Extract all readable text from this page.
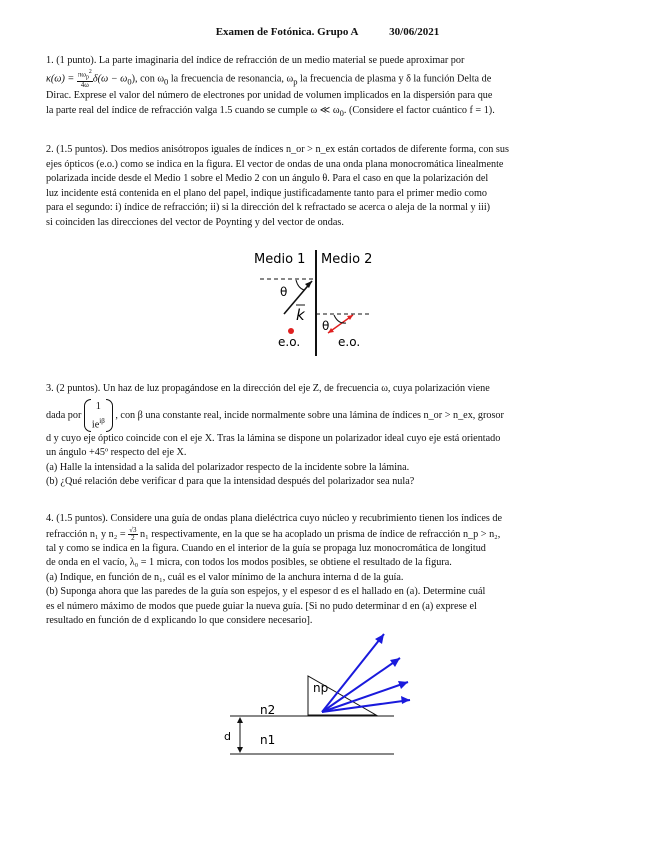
Examen de Fotónica. Grupo A	30/06/2021

1. (1 punto). La parte imaginaria del índice de refracción de un medio material se puede aproximar por

$\kappa(\omega) = \frac{\pi\omega_p^2}{4\omega} \delta(\omega - \omega_0)$, con $\omega_0$ la frecuencia de resonancia, $\omega_p$ la frecuencia de plasma y δ la función Delta de

Dirac. Exprese el valor del número de electrones por unidad de volumen implicados en la dispersión para que

la parte real del índice de refracción valga 1.5 cuando se cumple ω ≪ $\omega_0$. (Considere el factor cuántico f = 1).

2. (1.5 puntos). Dos medios anisótropos iguales de índices n_or > n_ex están cortados de diferente forma, con sus

ejes ópticos (e.o.) como se indica en la figura. El vector de ondas de una onda plana monocromática linealmente

polarizada incide desde el Medio 1 sobre el Medio 2 con un ángulo θ. Para el caso en que la polarización del

luz incidente está contenida en el plano del papel, indique justificadamente tanto para el primer medio como

para el segundo: i) índice de refracción; ii) si la dirección del k refractado se acerca o aleja de la normal y iii)

si coinciden las direcciones del vector de Poynting y del vector de ondas.

Medio 1 Medio 2
θ
k
e.o.
θ
e.o.

3. (2 puntos). Un haz de luz propagándose en la dirección del eje Z, de frecuencia ω, cuya polarización viene

dada por
1
$ie^{i\beta}$ , con β una constante real, incide normalmente sobre una lámina de índices n_or > n_ex, grosor

d y cuyo eje óptico coincide con el eje X. Tras la lámina se dispone un polarizador ideal cuyo eje está orientado

un ángulo +45º respecto del eje X.

(a) Halle la intensidad a la salida del polarizador respecto de la incidente sobre la lámina.

(b) ¿Qué relación debe verificar d para que la intensidad después del polarizador sea nula?

4. (1.5 puntos). Considere una guía de ondas plana dieléctrica cuyo núcleo y recubrimiento tienen los índices de

refracción n₁ y $n_2 = \frac{√3}{2} n_1$ respectivamente, en la que se ha acoplado un prisma de índice de refracción n_p > n₂,

tal y como se indica en la figura. Cuando en el interior de la guía se propaga luz monocromática de longitud

de onda en el vacío, λ₀ = 1 micra, con todos los modos posibles, se obtiene el resultado de la figura.

(a) Indique, en función de n₁, cuál es el valor mínimo de la anchura interna d de la guía.

(b) Suponga ahora que las paredes de la guía son espejos, y el espesor d es el hallado en (a). Determine cuál

es el número máximo de modos que puede guiar la nueva guía. [Si no pudo determinar d en (a) exprese el

resultado en función de d explicando lo que considere necesario].

np
n2
n1
d
